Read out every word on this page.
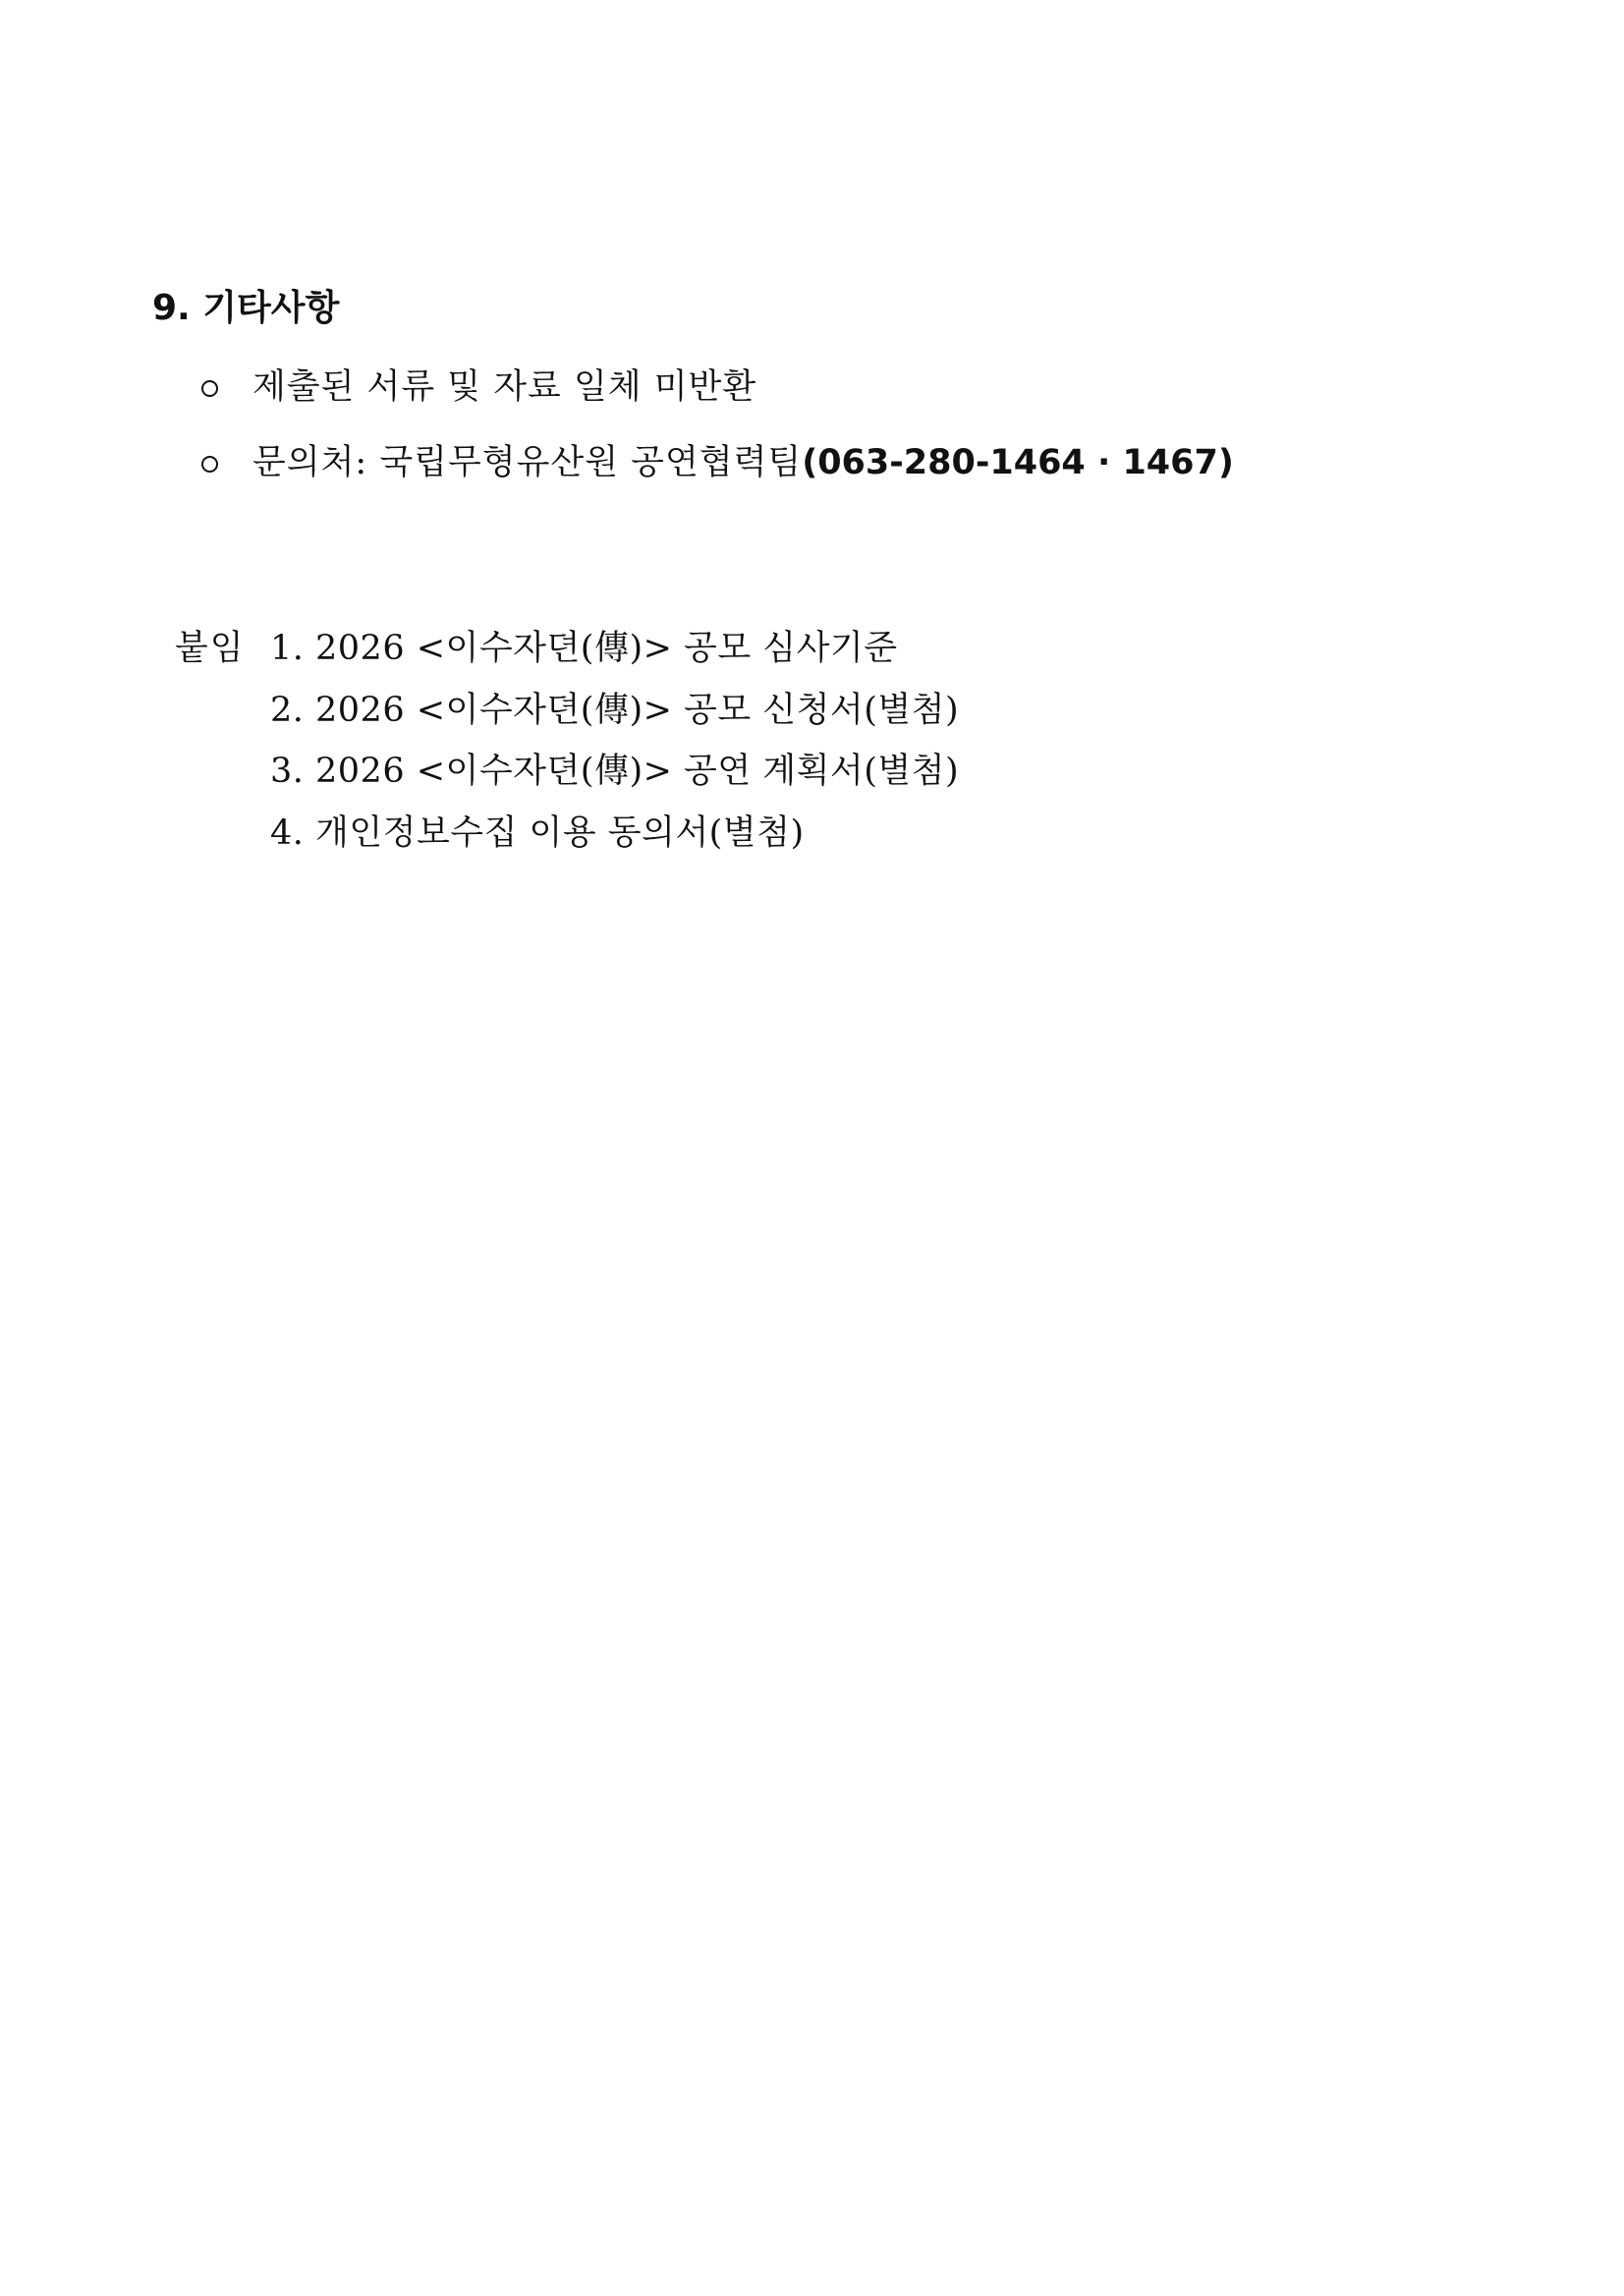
9. 기타사항
제출된 서류 및 자료 일체 미반환
문의처: 국립무형유산원 공연협력팀(063-280-1464 · 1467)
붙임 1. 2026 <이수자뎐(傳)> 공모 심사기준
2. 2026 <이수자뎐(傳)> 공모 신청서(별첨)
3. 2026 <이수자뎐(傳)> 공연 계획서(별첨)
4. 개인정보수집 이용 동의서(별첨)
